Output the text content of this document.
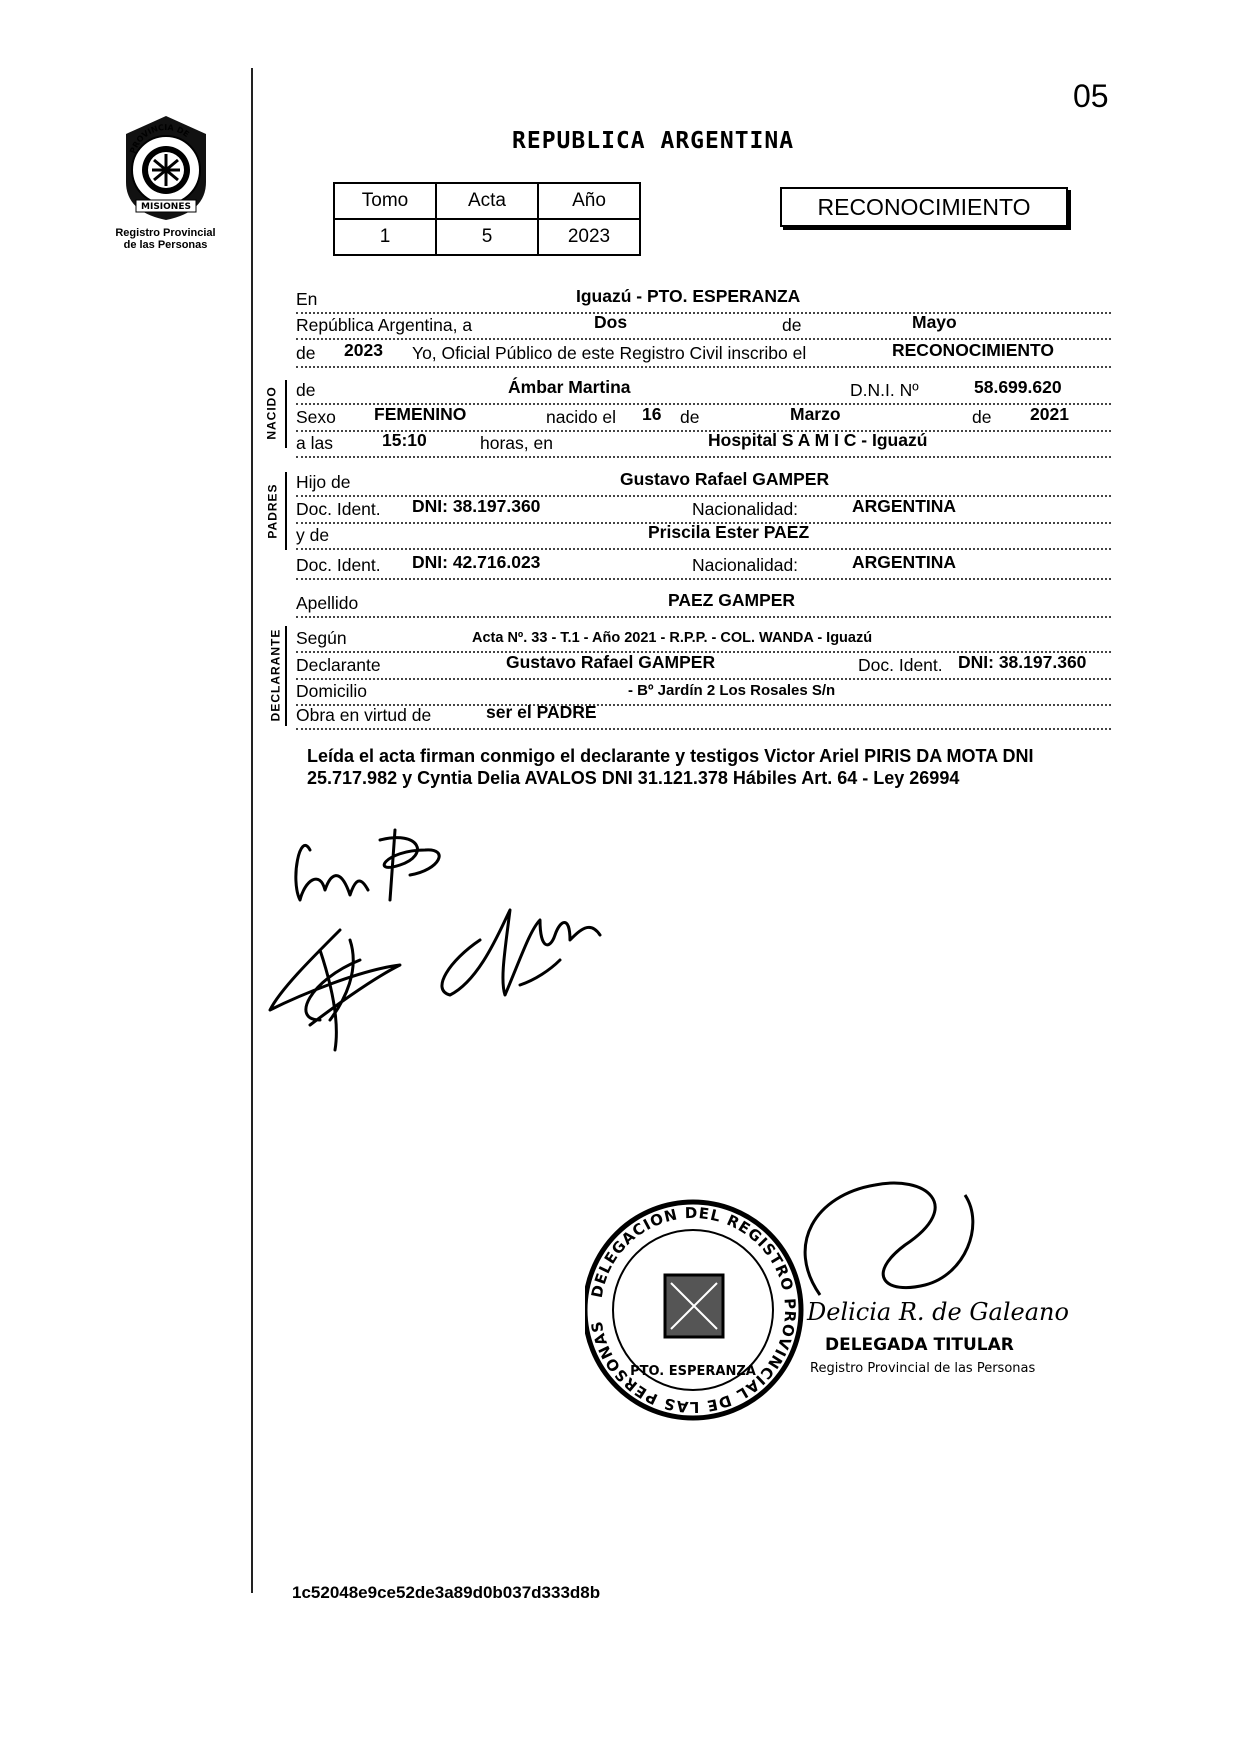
PROVINCIA DE
MISIONES
Registro Provincial
de las Personas
05
REPUBLICA ARGENTINA
Tomo	Acta	Año
1	5	2023
RECONOCIMIENTO
NACIDO
PADRES
DECLARANTE
En	Iguazú - PTO. ESPERANZA
República Argentina, a	Dos	de	Mayo
de 2023 Yo, Oficial Público de este Registro Civil inscribo el	RECONOCIMIENTO
de	Ámbar Martina	D.N.I. Nº	58.699.620
Sexo FEMENINO	nacido el 16 de	Marzo	de 2021
a las	15:10	horas, en	Hospital S A M I C - Iguazú
Hijo de	Gustavo Rafael GAMPER
Doc. Ident. DNI: 38.197.360	Nacionalidad:	ARGENTINA
y de	Priscila Ester PAEZ
Doc. Ident. DNI: 42.716.023	Nacionalidad:	ARGENTINA
Apellido	PAEZ GAMPER
Según	Acta Nº. 33 - T.1 - Año 2021 - R.P.P. - COL. WANDA - Iguazú
Declarante	Gustavo Rafael GAMPER	Doc. Ident. DNI: 38.197.360
Domicilio	- Bº Jardín 2 Los Rosales S/n
Obra en virtud de	ser el PADRE
Leída el acta firman conmigo el declarante y testigos Victor Ariel PIRIS DA MOTA DNI 25.717.982 y Cyntia Delia AVALOS DNI 31.121.378 Hábiles Art. 64 - Ley 26994
DELEGACION DEL REGISTRO PROVINCIAL DE LAS PERSONAS
PTO. ESPERANZA
Delicia R. de Galeano
DELEGADA TITULAR
Registro Provincial de las Personas
1c52048e9ce52de3a89d0b037d333d8b
